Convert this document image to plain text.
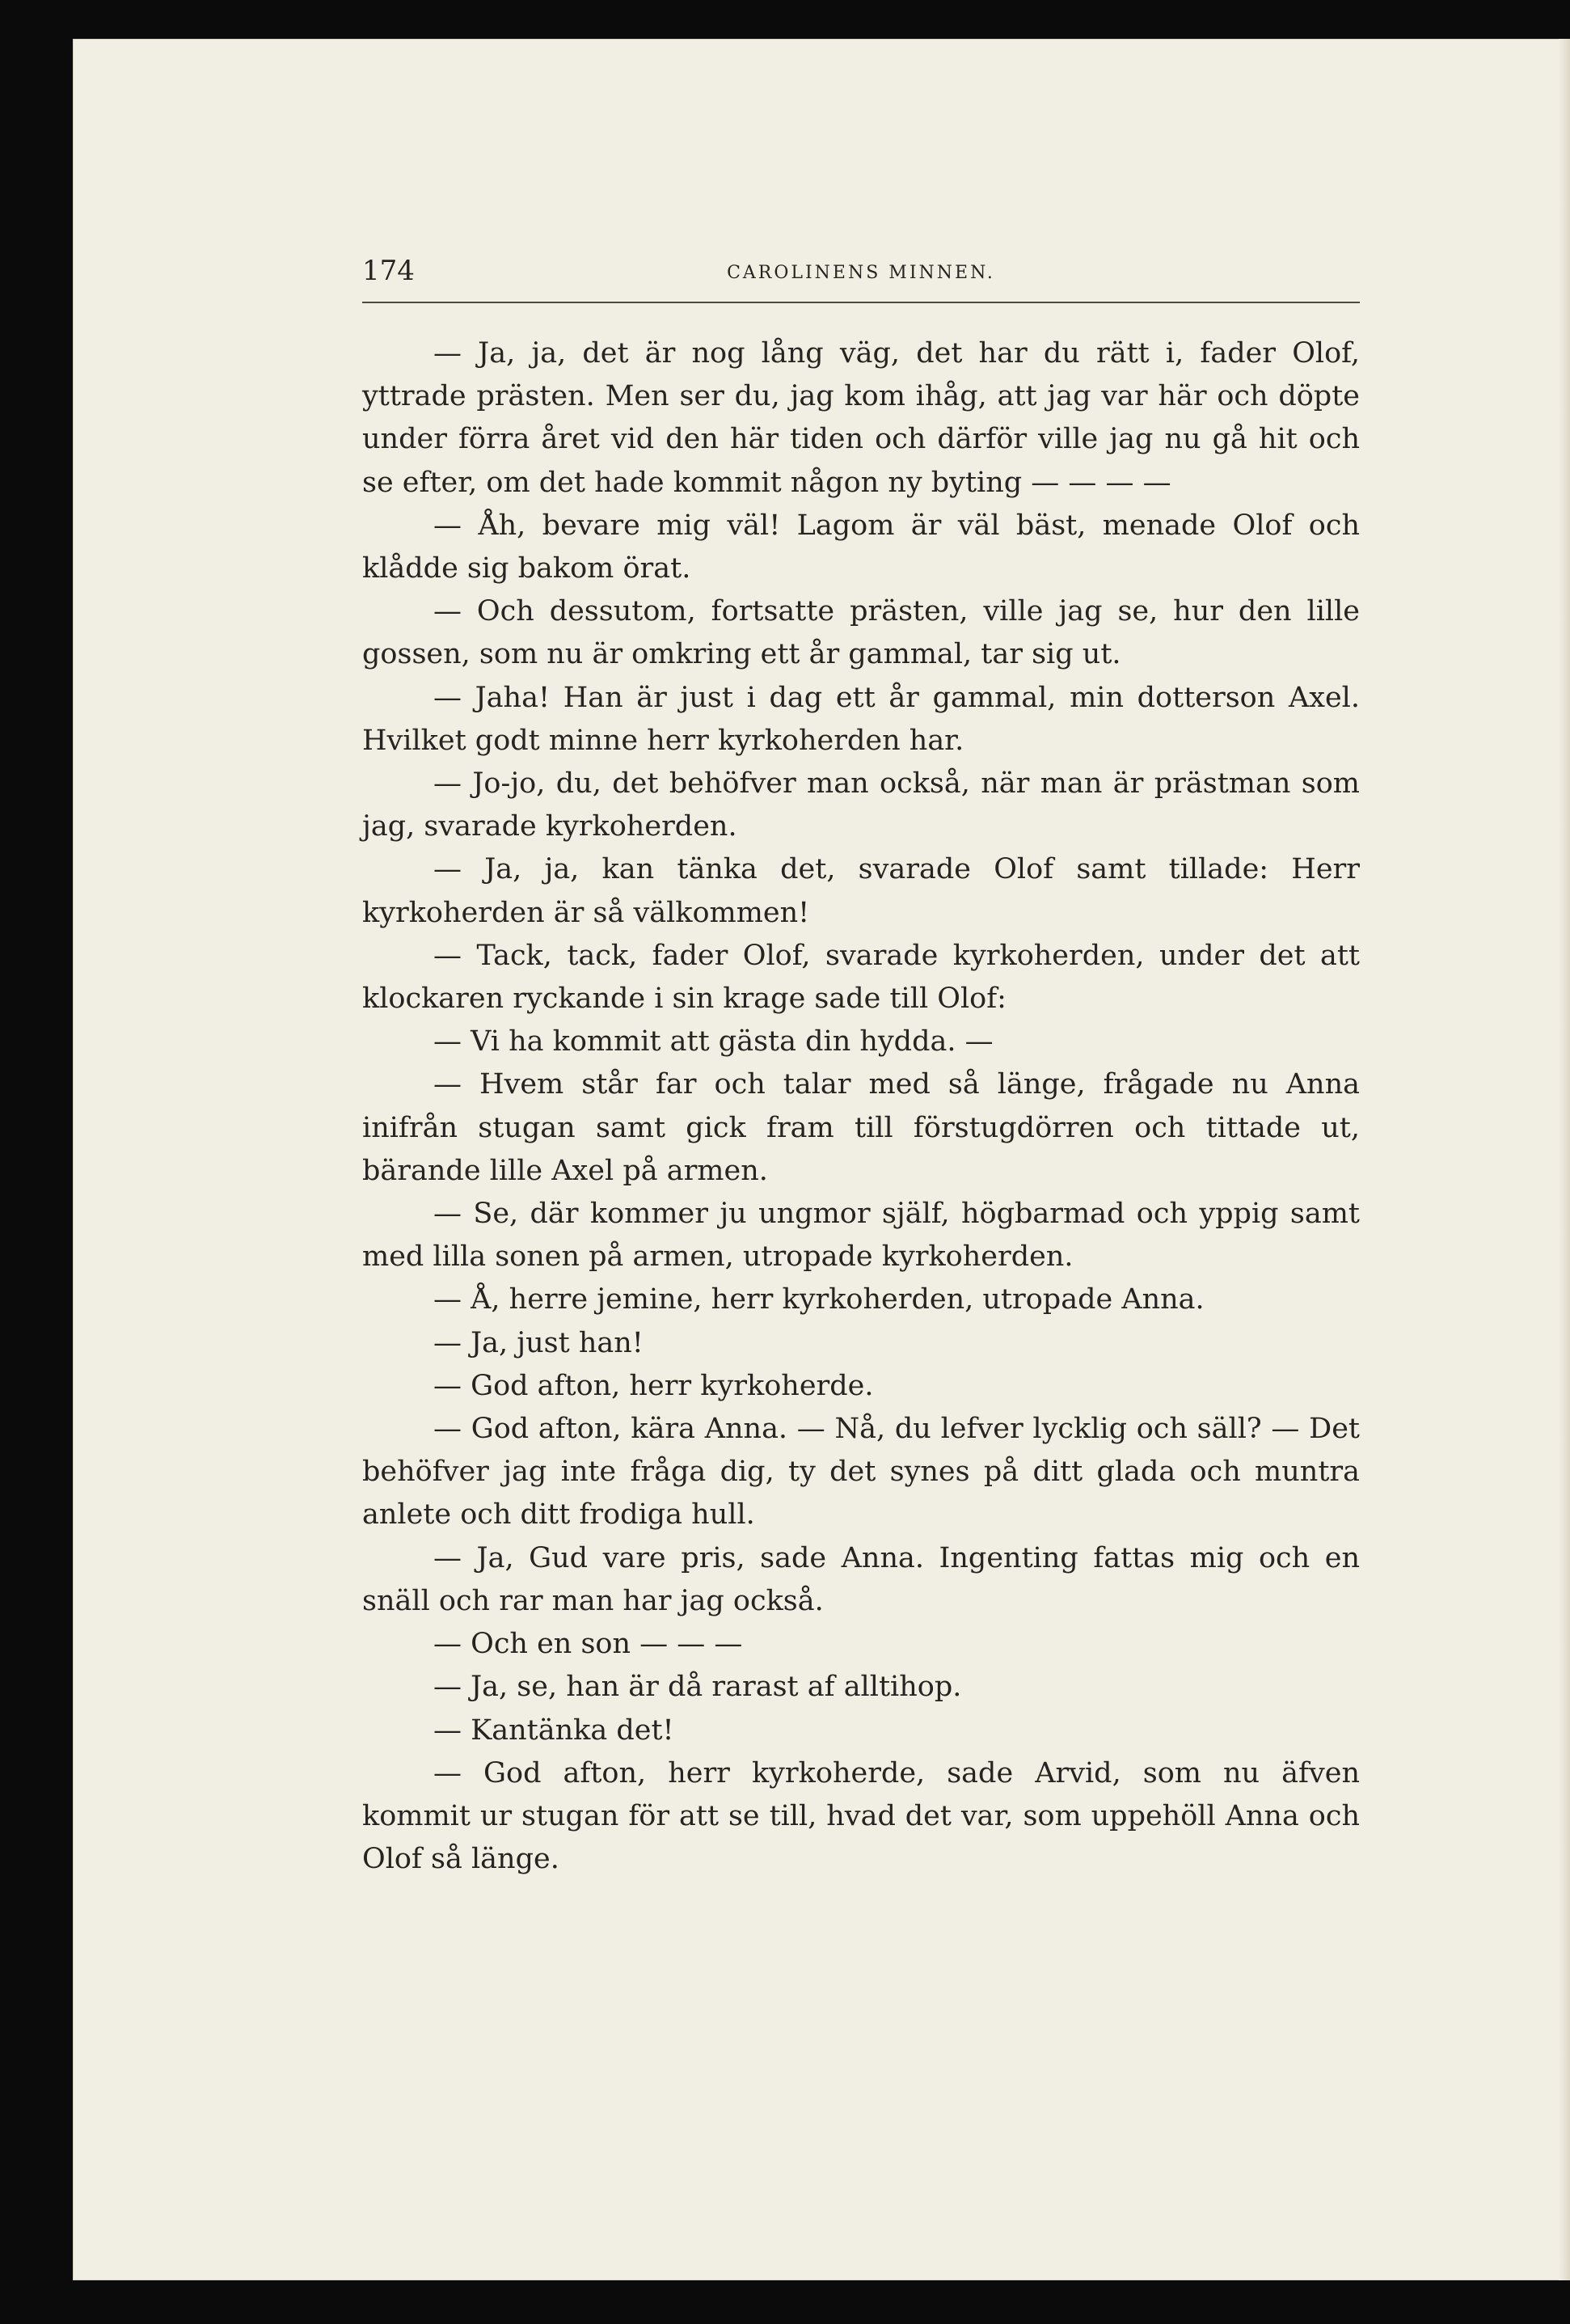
174	CAROLINENS MINNEN.

— Ja, ja, det är nog lång väg, det har du rätt i, fader Olof, yttrade prästen. Men ser du, jag kom ihåg, att jag var här och döpte under förra året vid den här tiden och därför ville jag nu gå hit och se efter, om det hade kommit någon ny byting — — — —

— Åh, bevare mig väl! Lagom är väl bäst, menade Olof och klådde sig bakom örat.

— Och dessutom, fortsatte prästen, ville jag se, hur den lille gossen, som nu är omkring ett år gammal, tar sig ut.

— Jaha! Han är just i dag ett år gammal, min dotterson Axel. Hvilket godt minne herr kyrkoherden har.

— Jo-jo, du, det behöfver man också, när man är prästman som jag, svarade kyrkoherden.

— Ja, ja, kan tänka det, svarade Olof samt tillade: Herr kyrkoherden är så välkommen!

— Tack, tack, fader Olof, svarade kyrkoherden, under det att klockaren ryckande i sin krage sade till Olof:

— Vi ha kommit att gästa din hydda. —

— Hvem står far och talar med så länge, frågade nu Anna inifrån stugan samt gick fram till förstugdörren och tittade ut, bärande lille Axel på armen.

— Se, där kommer ju ungmor själf, högbarmad och yppig samt med lilla sonen på armen, utropade kyrkoherden.

— Å, herre jemine, herr kyrkoherden, utropade Anna.

— Ja, just han!

— God afton, herr kyrkoherde.

— God afton, kära Anna. — Nå, du lefver lycklig och säll? — Det behöfver jag inte fråga dig, ty det synes på ditt glada och muntra anlete och ditt frodiga hull.

— Ja, Gud vare pris, sade Anna. Ingenting fattas mig och en snäll och rar man har jag också.

— Och en son — — —

— Ja, se, han är då rarast af alltihop.

— Kantänka det!

— God afton, herr kyrkoherde, sade Arvid, som nu äfven kommit ur stugan för att se till, hvad det var, som uppehöll Anna och Olof så länge.
